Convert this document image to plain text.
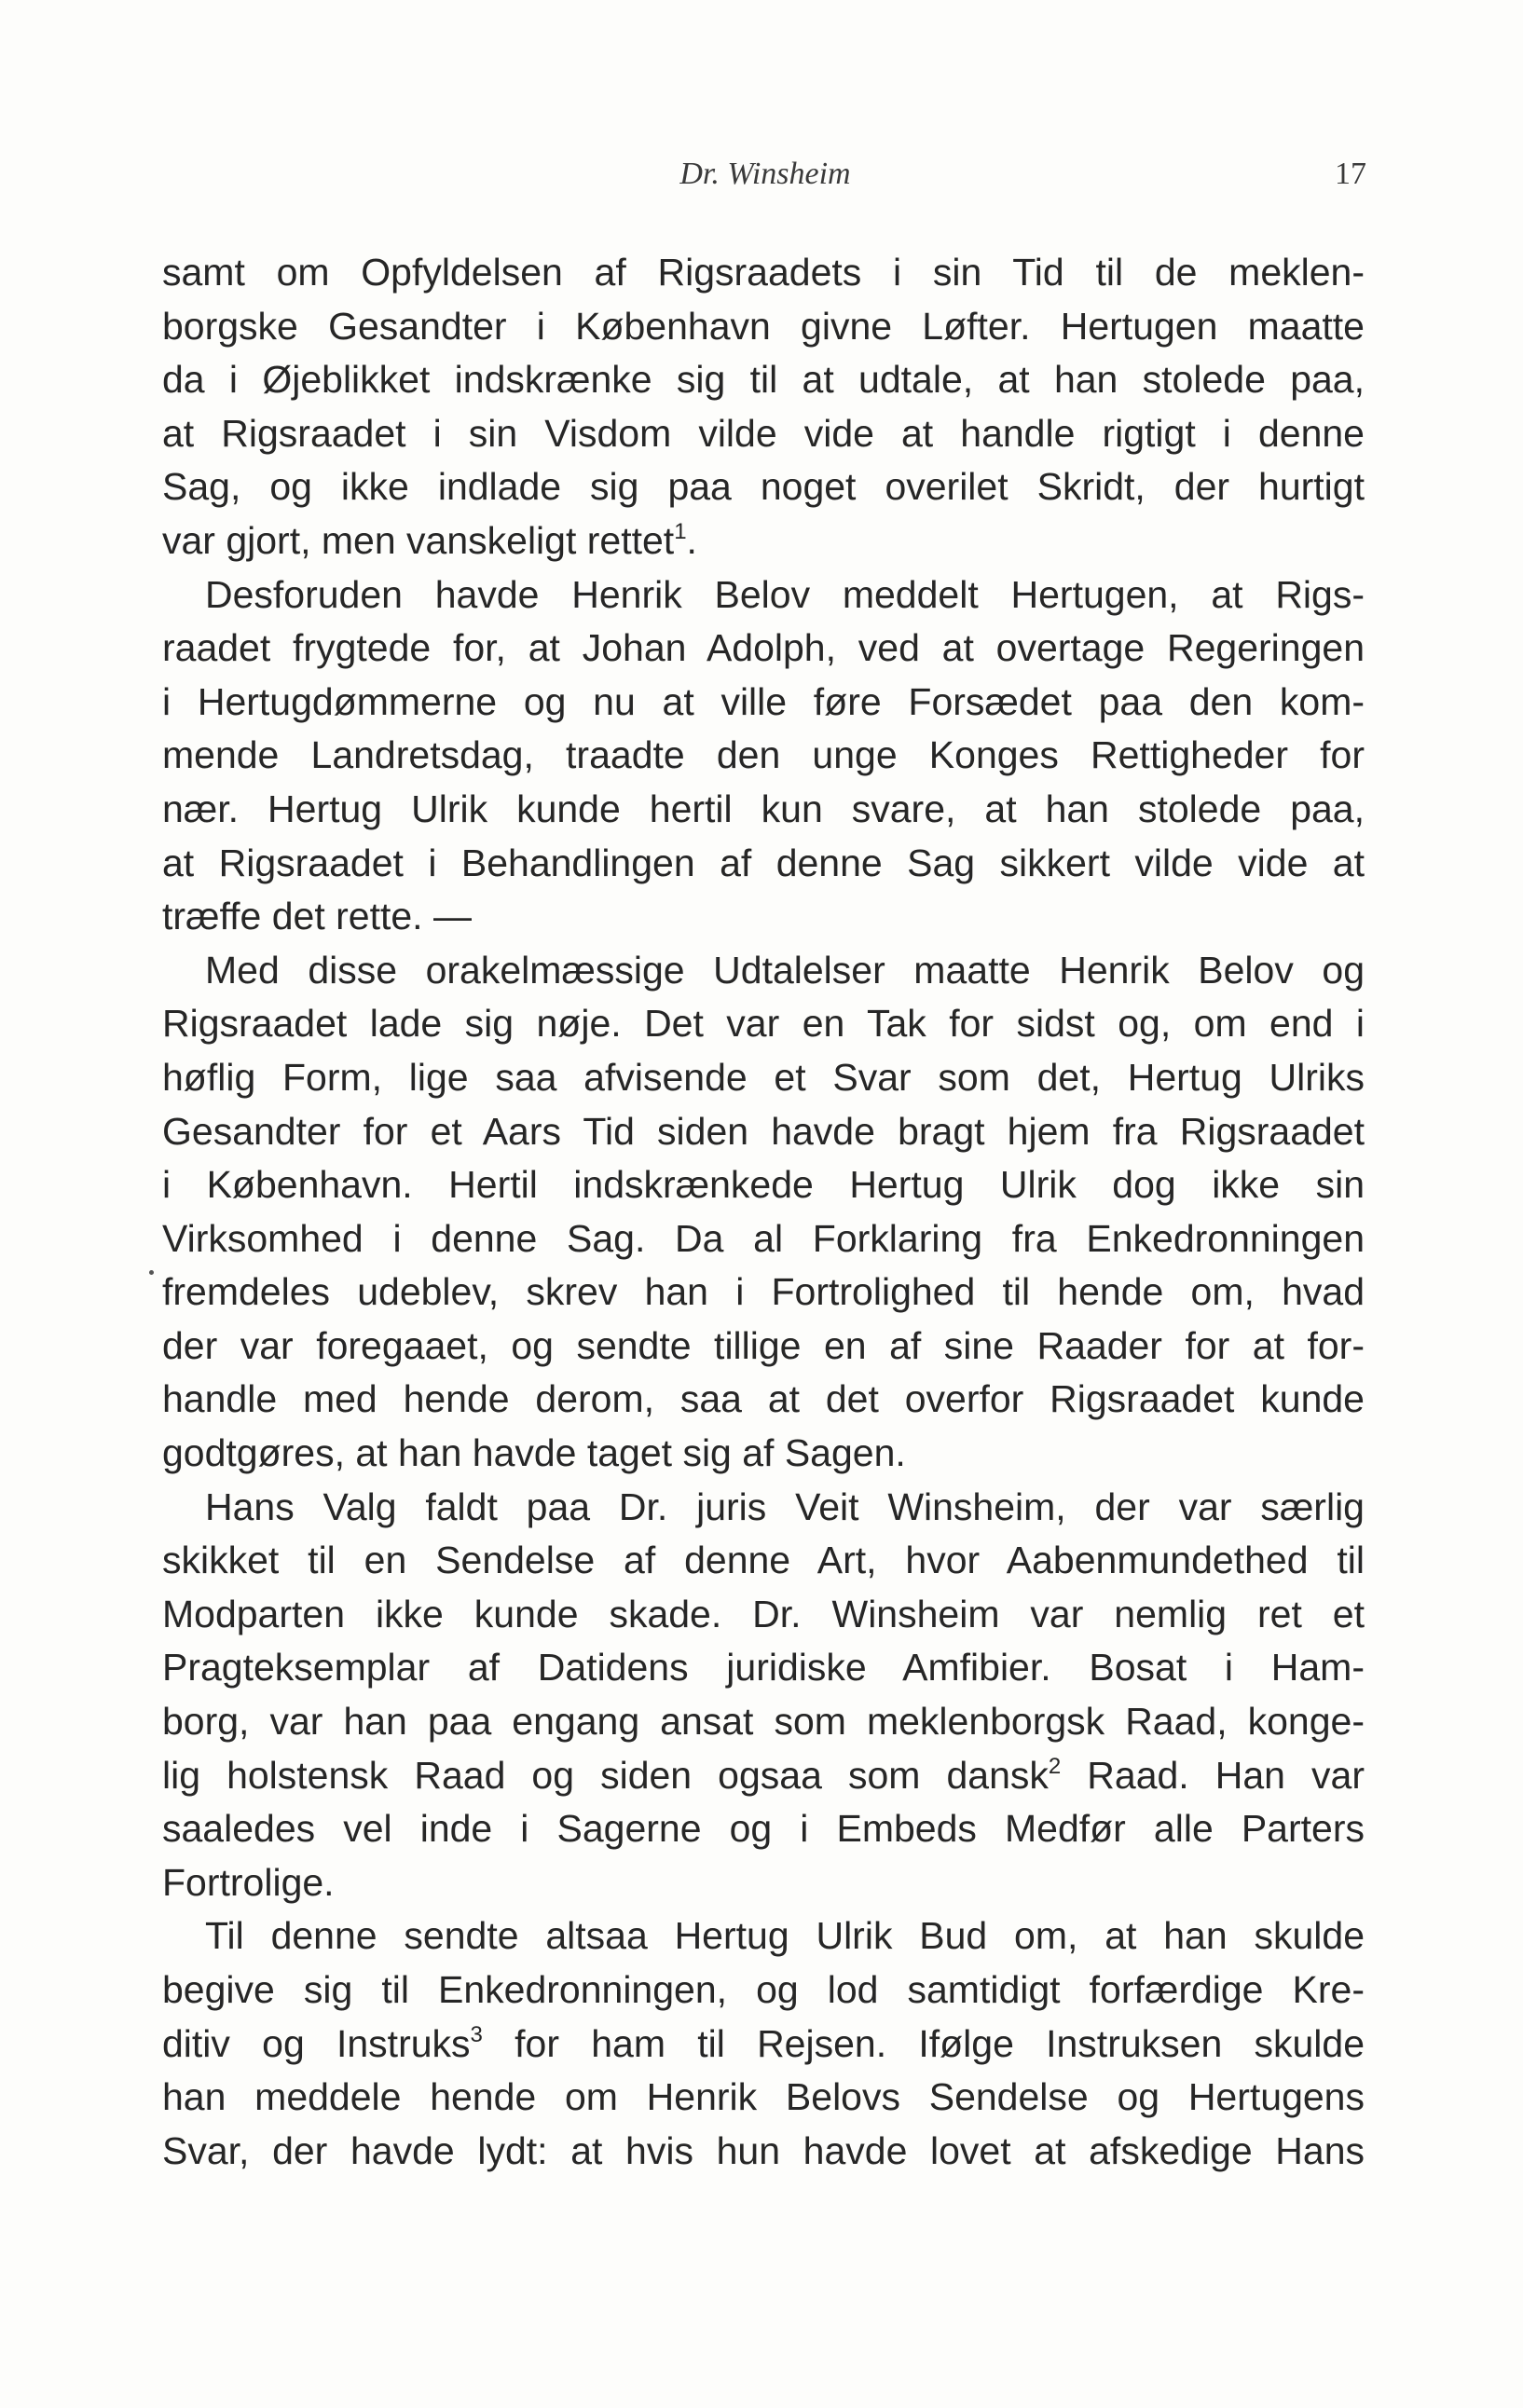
Dr. Winsheim	17
samt om Opfyldelsen af Rigsraadets i sin Tid til de meklen-
borgske Gesandter i København givne Løfter. Hertugen maatte
da i Øjeblikket indskrænke sig til at udtale, at han stolede paa,
at Rigsraadet i sin Visdom vilde vide at handle rigtigt i denne
Sag, og ikke indlade sig paa noget overilet Skridt, der hurtigt
var gjort, men vanskeligt rettet$^1$.
Desforuden havde Henrik Belov meddelt Hertugen, at Rigs-
raadet frygtede for, at Johan Adolph, ved at overtage Regeringen
i Hertugdømmerne og nu at ville føre Forsædet paa den kom-
mende Landretsdag, traadte den unge Konges Rettigheder for
nær. Hertug Ulrik kunde hertil kun svare, at han stolede paa,
at Rigsraadet i Behandlingen af denne Sag sikkert vilde vide at
træffe det rette. —
Med disse orakelmæssige Udtalelser maatte Henrik Belov og
Rigsraadet lade sig nøje. Det var en Tak for sidst og, om end i
høflig Form, lige saa afvisende et Svar som det, Hertug Ulriks
Gesandter for et Aars Tid siden havde bragt hjem fra Rigsraadet
i København. Hertil indskrænkede Hertug Ulrik dog ikke sin
Virksomhed i denne Sag. Da al Forklaring fra Enkedronningen
fremdeles udeblev, skrev han i Fortrolighed til hende om, hvad
der var foregaaet, og sendte tillige en af sine Raader for at for-
handle med hende derom, saa at det overfor Rigsraadet kunde
godtgøres, at han havde taget sig af Sagen.
Hans Valg faldt paa Dr. juris Veit Winsheim, der var særlig
skikket til en Sendelse af denne Art, hvor Aabenmundethed til
Modparten ikke kunde skade. Dr. Winsheim var nemlig ret et
Pragteksemplar af Datidens juridiske Amfibier. Bosat i Ham-
borg, var han paa engang ansat som meklenborgsk Raad, konge-
lig holstensk Raad og siden ogsaa som dansk$^2$ Raad. Han var
saaledes vel inde i Sagerne og i Embeds Medfør alle Parters
Fortrolige.
Til denne sendte altsaa Hertug Ulrik Bud om, at han skulde
begive sig til Enkedronningen, og lod samtidigt forfærdige Kre-
ditiv og Instruks$^3$ for ham til Rejsen. Ifølge Instruksen skulde
han meddele hende om Henrik Belovs Sendelse og Hertugens
Svar, der havde lydt: at hvis hun havde lovet at afskedige Hans
